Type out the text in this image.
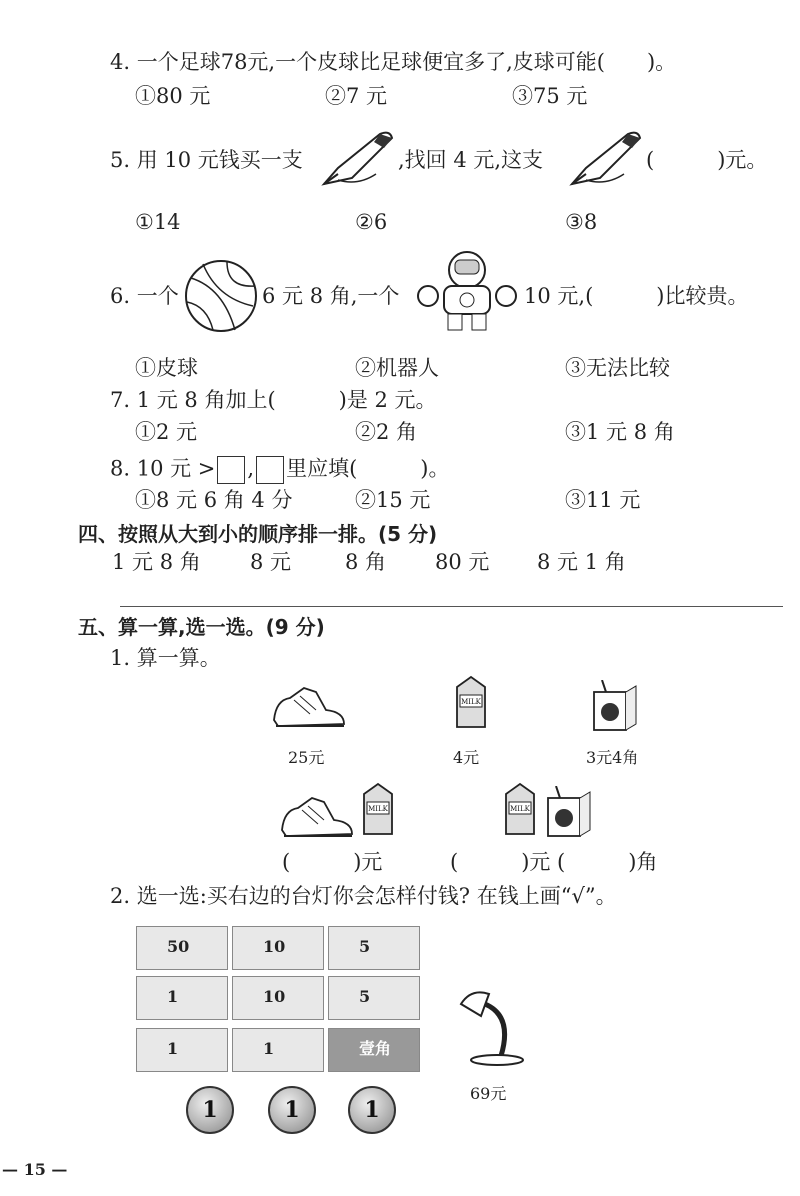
4. 一个足球78元,一个皮球比足球便宜多了,皮球可能(　　)。
①80 元	②7 元	③75 元
5. 用 10 元钱买一支	,找回 4 元,这支	(　　　)元。
①14	②6	③8
6. 一个	6 元 8 角,一个	10 元,(　　　)比较贵。
①皮球	②机器人	③无法比较
7. 1 元 8 角加上(　　　)是 2 元。
①2 元	②2 角	③1 元 8 角
8. 10 元 > , 里应填(　　　)。
①8 元 6 角 4 分	②15 元	③11 元
四、按照从大到小的顺序排一排。(5 分)
1 元 8 角 8 元	8 角 80 元 8 元 1 角
五、算一算,选一选。(9 分)
1. 算一算。
MILK
25元	4元	3元4角
MILK	MILK
(　　　)元	(　　　)元 (　　　)角
2. 选一选:买右边的台灯你会怎样付钱? 在钱上画“√”。
50	10	5
1	10	5
1	1	壹角
1	1	1
69元
— 15 —
